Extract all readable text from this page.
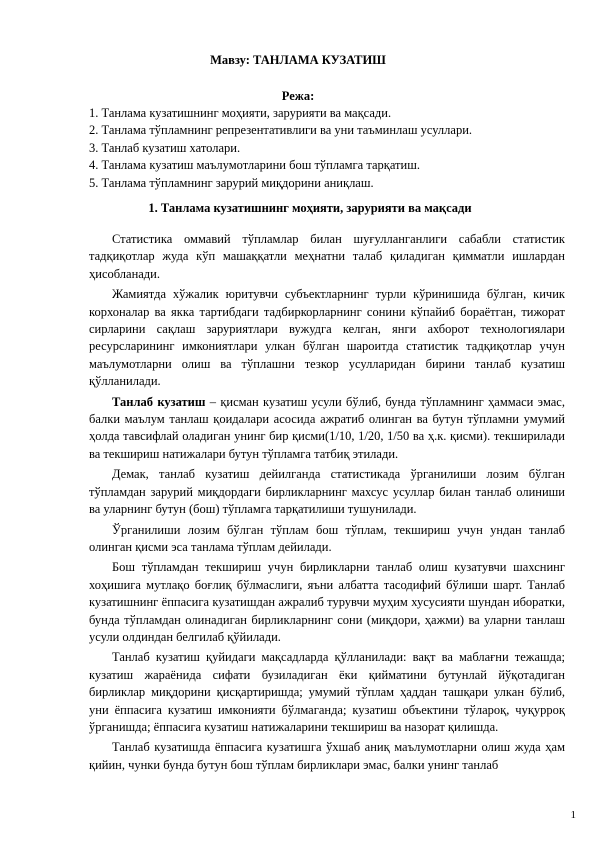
Мавзу: ТАНЛАМА КУЗАТИШ
Режа:
1. Танлама кузатишнинг моҳияти, зарурияти ва мақсади.
2. Танлама тўпламнинг репрезентативлиги ва уни таъминлаш усуллари.
3. Танлаб кузатиш хатолари.
4. Танлама кузатиш маълумотларини бош тўпламга тарқатиш.
5. Танлама тўпламнинг зарурий миқдорини аниқлаш.
1. Танлама кузатишнинг моҳияти, зарурияти ва мақсади

Статистика оммавий тўпламлар билан шуғулланганлиги сабабли статистик тадқиқотлар жуда кўп машаққатли меҳнатни талаб қиладиган қимматли ишлардан ҳисобланади.

Жамиятда хўжалик юритувчи субъектларнинг турли кўринишида бўлган, кичик корхоналар ва якка тартибдаги тадбиркорларнинг сонини кўпайиб бораётган, тижорат сирларини сақлаш заруриятлари вужудга келган, янги ахборот технологиялари ресурсларининг имкониятлари улкан бўлган шароитда статистик тадқиқотлар учун маълумотларни олиш ва тўплашни тезкор усулларидан бирини танлаб кузатиш қўлланилади.

Танлаб кузатиш – қисман кузатиш усули бўлиб, бунда тўпламнинг ҳаммаси эмас, балки маълум танлаш қоидалари асосида ажратиб олинган ва бутун тўпламни умумий ҳолда тавсифлай оладиган унинг бир қисми(1/10, 1/20, 1/50 ва ҳ.к. қисми). текширилади ва текшириш натижалари бутун тўпламга татбиқ этилади.

Демак, танлаб кузатиш дейилганда статистикада ўрганилиши лозим бўлган тўпламдан зарурий миқдордаги бирликларнинг махсус усуллар билан танлаб олиниши ва уларнинг бутун (бош) тўпламга тарқатилиши тушунилади.

Ўрганилиши лозим бўлган тўплам бош тўплам, текшириш учун ундан танлаб олинган қисми эса танлама тўплам дейилади.

Бош тўпламдан текшириш учун бирликларни танлаб олиш кузатувчи шахснинг хоҳишига мутлақо боғлиқ бўлмаслиги, яъни албатта тасодифий бўлиши шарт. Танлаб кузатишнинг ёппасига кузатишдан ажралиб турувчи муҳим хусусияти шундан иборатки, бунда тўпламдан олинадиган бирликларнинг сони (миқдори, ҳажми) ва уларни танлаш усули олдиндан белгилаб қўйилади.

Танлаб кузатиш қуйидаги мақсадларда қўлланилади: вақт ва маблағни тежашда; кузатиш жараёнида сифати бузиладиган ёки қийматини бутунлай йўқотадиган бирликлар миқдорини қисқартиришда; умумий тўплам ҳаддан ташқари улкан бўлиб, уни ёппасига кузатиш имконияти бўлмаганда; кузатиш объектини тўларoқ, чуқуррoқ ўрганишда; ёппасига кузатиш натижаларини текшириш ва назорат қилишда.

Танлаб кузатишда ёппасига кузатишга ўхшаб аниқ маълумотларни олиш жуда ҳам қийин, чунки бунда бутун бош тўплам бирликлари эмас, балки унинг танлаб

1
